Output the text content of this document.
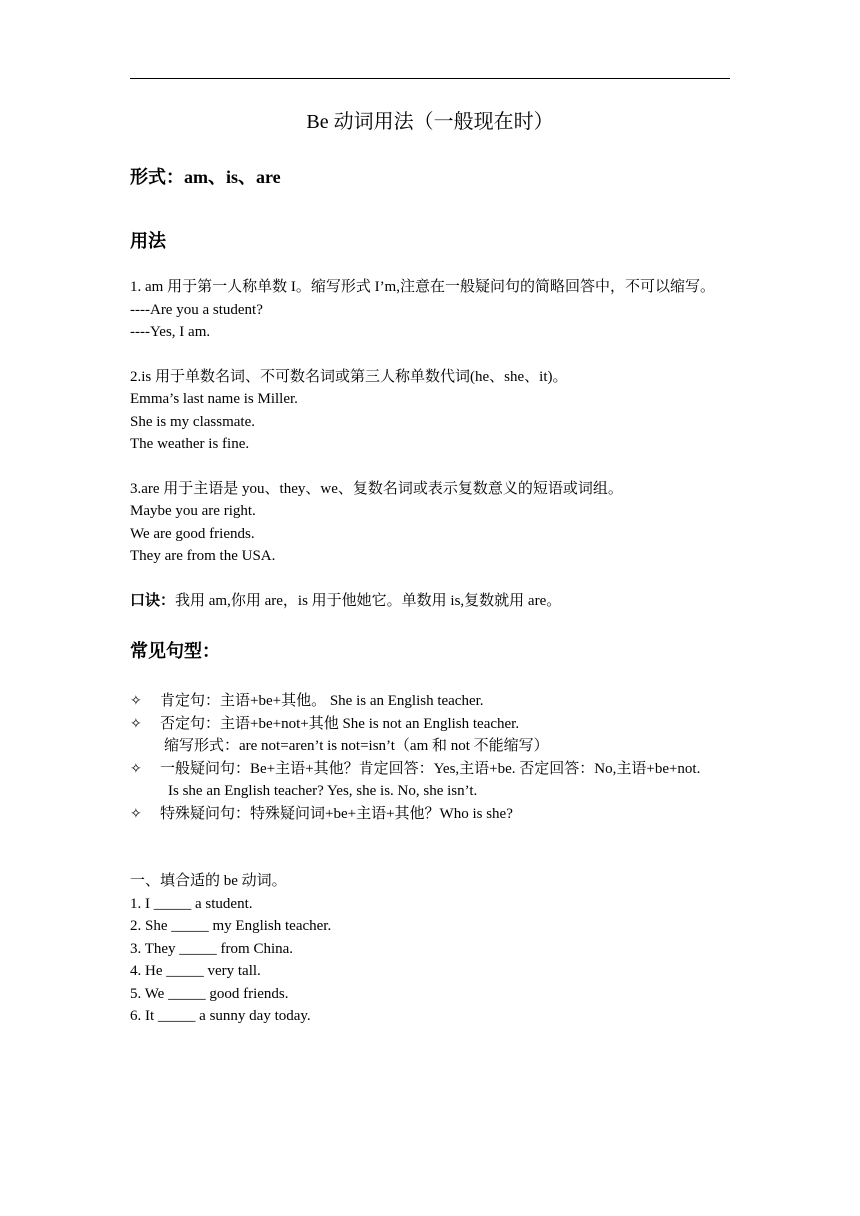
Be 动词用法（一般现在时）

形式：am、is、are

用法

1. am 用于第一人称单数 I。缩写形式 I’m,注意在一般疑问句的简略回答中，不可以缩写。

----Are you a student?

----Yes, I am.

2.is 用于单数名词、不可数名词或第三人称单数代词(he、she、it)。

Emma’s last name is Miller.

She is my classmate.

The weather is fine.

3.are 用于主语是 you、they、we、复数名词或表示复数意义的短语或词组。

Maybe you are right.

We are good friends.

They are from the USA.

口诀：我用 am,你用 are，is 用于他她它。单数用 is,复数就用 are。

常见句型：

✧ 肯定句：主语+be+其他。 She is an English teacher.

✧ 否定句：主语+be+not+其他 She is not an English teacher.

缩写形式：are not=aren’t is not=isn’t（am 和 not 不能缩写）

✧ 一般疑问句：Be+主语+其他？肯定回答：Yes,主语+be. 否定回答：No,主语+be+not.

Is she an English teacher? Yes, she is. No, she isn’t.

✧ 特殊疑问句：特殊疑问词+be+主语+其他？Who is she?

一、填合适的 be 动词。

1. I _____ a student.

2. She _____ my English teacher.

3. They _____ from China.

4. He _____ very tall.

5. We _____ good friends.

6. It _____ a sunny day today.
